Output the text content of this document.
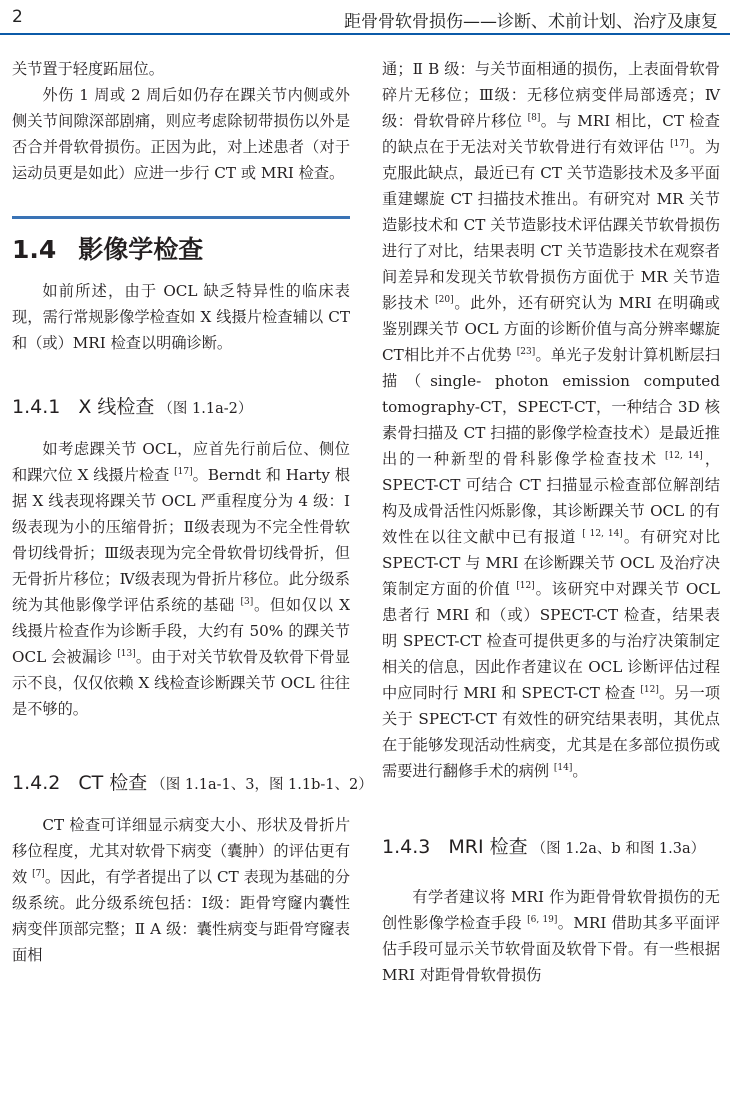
2	距骨骨软骨损伤——诊断、术前计划、治疗及康复

关节置于轻度跖屈位。

外伤 1 周或 2 周后如仍存在踝关节内侧或外侧关节间隙深部剧痛，则应考虑除韧带损伤以外是否合并骨软骨损伤。正因为此，对上述患者（对于运动员更是如此）应进一步行 CT 或 MRI 检查。

1.4 影像学检查

如前所述，由于 OCL 缺乏特异性的临床表现，需行常规影像学检查如 X 线摄片检查辅以 CT 和（或）MRI 检查以明确诊断。

1.4.1 X 线检查 （图 1.1a-2）

如考虑踝关节 OCL，应首先行前后位、侧位和踝穴位 X 线摄片检查 [17]。Berndt 和 Harty 根据 X 线表现将踝关节 OCL 严重程度分为 4 级：Ⅰ级表现为小的压缩骨折；Ⅱ级表现为不完全性骨软骨切线骨折；Ⅲ级表现为完全骨软骨切线骨折，但无骨折片移位；Ⅳ级表现为骨折片移位。此分级系统为其他影像学评估系统的基础 [3]。但如仅以 X 线摄片检查作为诊断手段，大约有 50% 的踝关节 OCL 会被漏诊 [13]。由于对关节软骨及软骨下骨显示不良，仅仅依赖 X 线检查诊断踝关节 OCL 往往是不够的。

1.4.2 CT 检查 （图 1.1a-1、3，图 1.1b-1、2）

CT 检查可详细显示病变大小、形状及骨折片移位程度，尤其对软骨下病变（囊肿）的评估更有效 [7]。因此，有学者提出了以 CT 表现为基础的分级系统。此分级系统包括：Ⅰ级：距骨穹窿内囊性病变伴顶部完整；Ⅱ A 级：囊性病变与距骨穹窿表面相

通；Ⅱ B 级：与关节面相通的损伤，上表面骨软骨碎片无移位；Ⅲ级：无移位病变伴局部透亮；Ⅳ级：骨软骨碎片移位 [8]。与 MRI 相比，CT 检查的缺点在于无法对关节软骨进行有效评估 [17]。为克服此缺点，最近已有 CT 关节造影技术及多平面重建螺旋 CT 扫描技术推出。有研究对 MR 关节造影技术和 CT 关节造影技术评估踝关节软骨损伤进行了对比，结果表明 CT 关节造影技术在观察者间差异和发现关节软骨损伤方面优于 MR 关节造影技术 [20]。此外，还有研究认为 MRI 在明确或鉴别踝关节 OCL 方面的诊断价值与高分辨率螺旋CT相比并不占优势 [23]。单光子发射计算机断层扫描（single- photon emission computed tomography-CT，SPECT-CT，一种结合 3D 核素骨扫描及 CT 扫描的影像学检查技术）是最近推出的一种新型的骨科影像学检查技术 [12, 14]，SPECT-CT 可结合 CT 扫描显示检查部位解剖结构及成骨活性闪烁影像，其诊断踝关节 OCL 的有效性在以往文献中已有报道 [ 12, 14]。有研究对比 SPECT-CT 与 MRI 在诊断踝关节 OCL 及治疗决策制定方面的价值 [12]。该研究中对踝关节 OCL 患者行 MRI 和（或）SPECT-CT 检查，结果表明 SPECT-CT 检查可提供更多的与治疗决策制定相关的信息，因此作者建议在 OCL 诊断评估过程中应同时行 MRI 和 SPECT-CT 检查 [12]。另一项关于 SPECT-CT 有效性的研究结果表明，其优点在于能够发现活动性病变，尤其是在多部位损伤或需要进行翻修手术的病例 [14]。

1.4.3 MRI 检查 （图 1.2a、b 和图 1.3a）

有学者建议将 MRI 作为距骨骨软骨损伤的无创性影像学检查手段 [6, 19]。MRI 借助其多平面评估手段可显示关节软骨面及软骨下骨。有一些根据 MRI 对距骨骨软骨损伤
